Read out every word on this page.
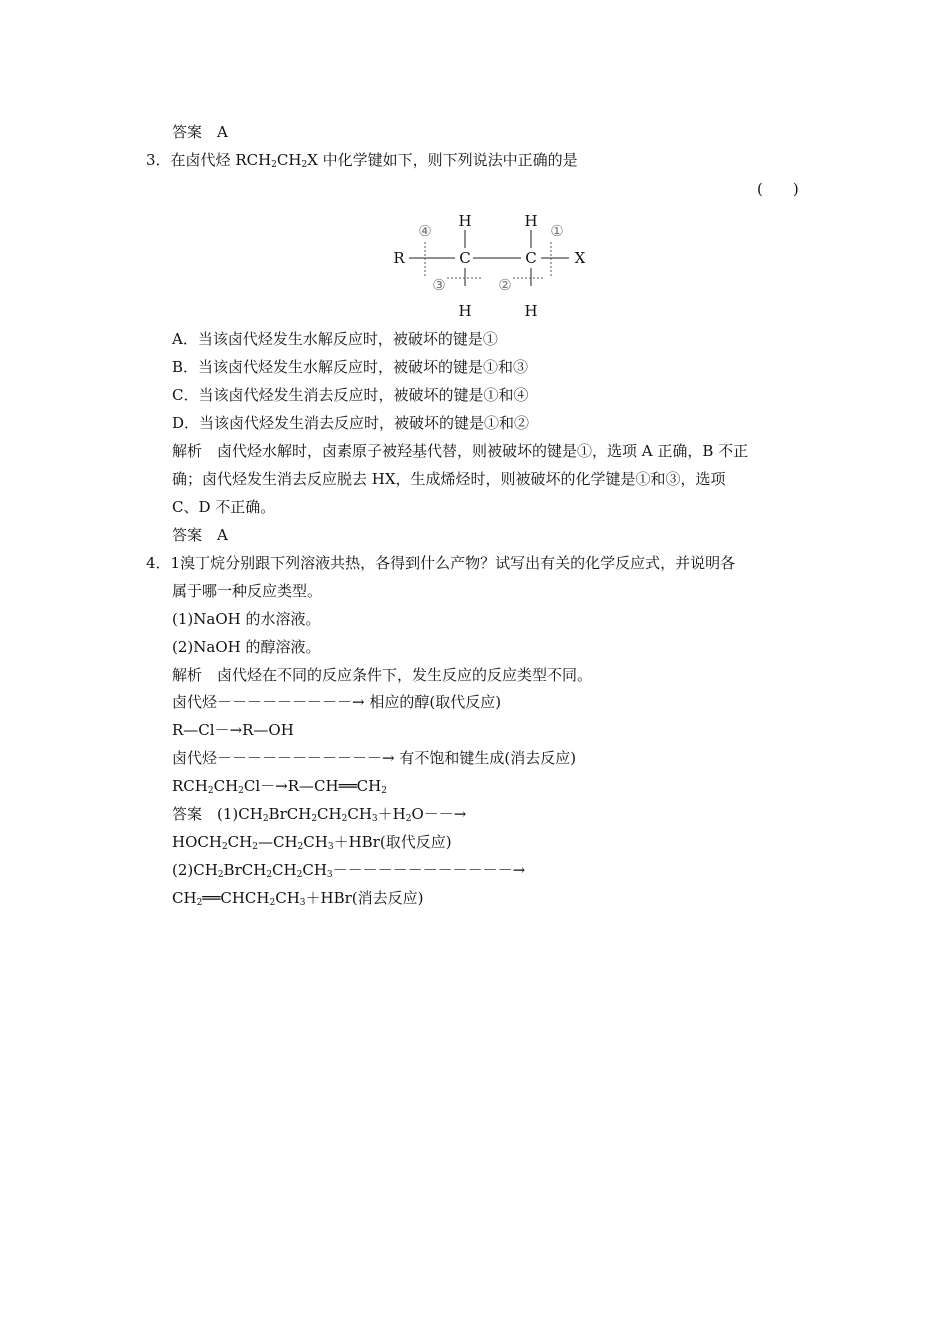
答案　A
3．在卤代烃 $RCH_2CH_2X$ 中化学键如下，则下列说法中正确的是
(　　)
R	C	C	X
H	H
H	H
④	①
③	②
A．当该卤代烃发生水解反应时，被破坏的键是①
B．当该卤代烃发生水解反应时，被破坏的键是①和③
C．当该卤代烃发生消去反应时，被破坏的键是①和④
D．当该卤代烃发生消去反应时，被破坏的键是①和②
解析　卤代烃水解时，卤素原子被羟基代替，则被破坏的键是①，选项 A 正确，B 不正
确；卤代烃发生消去反应脱去 HX，生成烯烃时，则被破坏的化学键是①和③，选项
C、D 不正确。
答案　A
4．1溴丁烷分别跟下列溶液共热，各得到什么产物？试写出有关的化学反应式，并说明各
属于哪一种反应类型。
(1)NaOH 的水溶液。
(2)NaOH 的醇溶液。
解析　卤代烃在不同的反应条件下，发生反应的反应类型不同。
卤代烃－－－－－－－－－→ 相应的醇(取代反应)
R—Cl－→R—OH
卤代烃－－－－－－－－－－－→ 有不饱和键生成(消去反应)
$RCH_2CH_2Cl-\to R—CH══CH_2$
答案　$(1)CH_2BrCH_2CH_2CH_3+H_2O--\to$
$HOCH_2CH_2—CH_2CH_3+HBr$(取代反应)
$(2)CH_2BrCH_2CH_2CH_3------------\to$
$CH_2══CHCH_2CH_3+HBr$(消去反应)
